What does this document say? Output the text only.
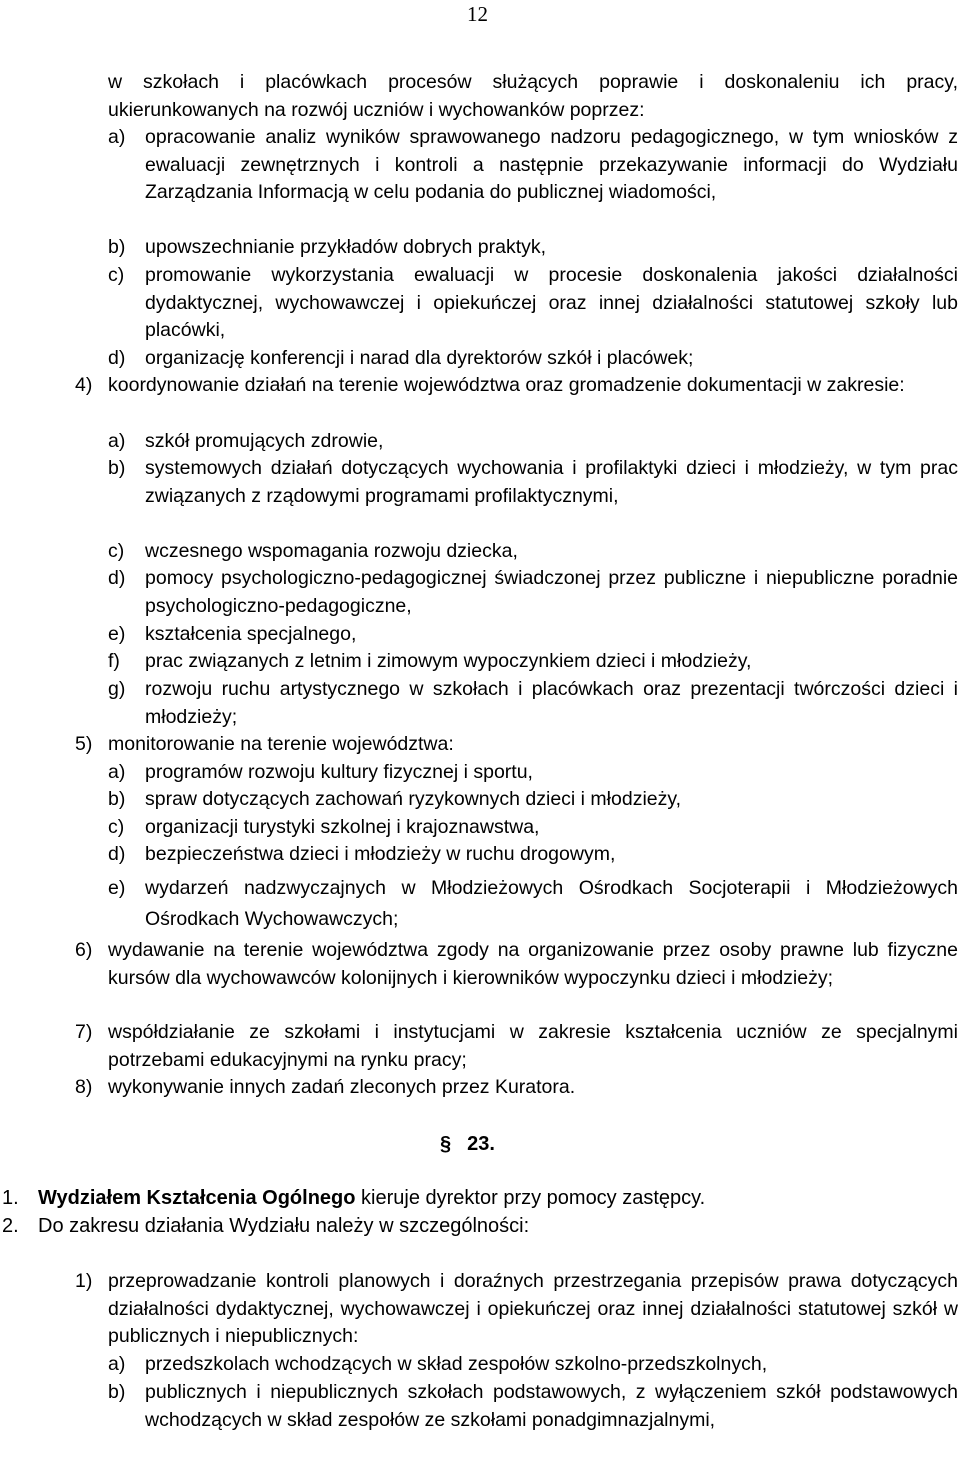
12
w szkołach i placówkach procesów służących poprawie i doskonaleniu ich pracy, ukierunkowanych na rozwój uczniów i wychowanków poprzez:
a) opracowanie analiz wyników sprawowanego nadzoru pedagogicznego, w tym wniosków z ewaluacji zewnętrznych i kontroli a następnie przekazywanie informacji do Wydziału Zarządzania Informacją w celu podania do publicznej wiadomości,
b) upowszechnianie przykładów dobrych praktyk,
c) promowanie wykorzystania ewaluacji w procesie doskonalenia jakości działalności dydaktycznej, wychowawczej i opiekuńczej oraz innej działalności statutowej szkoły lub placówki,
d) organizację konferencji i narad dla dyrektorów szkół i placówek;
4) koordynowanie działań na terenie województwa oraz gromadzenie dokumentacji w zakresie:
a) szkół promujących zdrowie,
b) systemowych działań dotyczących wychowania i profilaktyki dzieci i młodzieży, w tym prac związanych z rządowymi programami profilaktycznymi,
c) wczesnego wspomagania rozwoju dziecka,
d) pomocy psychologiczno-pedagogicznej świadczonej przez publiczne i niepubliczne poradnie psychologiczno-pedagogiczne,
e) kształcenia specjalnego,
f) prac związanych z letnim i zimowym wypoczynkiem dzieci i młodzieży,
g) rozwoju ruchu artystycznego w szkołach i placówkach oraz prezentacji twórczości dzieci i młodzieży;
5) monitorowanie na terenie województwa:
a) programów rozwoju kultury fizycznej i sportu,
b) spraw dotyczących zachowań ryzykownych dzieci i młodzieży,
c) organizacji turystyki szkolnej i krajoznawstwa,
d) bezpieczeństwa dzieci i młodzieży w ruchu drogowym,
e) wydarzeń nadzwyczajnych w Młodzieżowych Ośrodkach Socjoterapii i Młodzieżowych Ośrodkach Wychowawczych;
6) wydawanie na terenie województwa zgody na organizowanie przez osoby prawne lub fizyczne kursów dla wychowawców kolonijnych i kierowników wypoczynku dzieci i młodzieży;
7) współdziałanie ze szkołami i instytucjami w zakresie kształcenia uczniów ze specjalnymi potrzebami edukacyjnymi na rynku pracy;
8) wykonywanie innych zadań zleconych przez Kuratora.
§ 23.
1. Wydziałem Kształcenia Ogólnego kieruje dyrektor przy pomocy zastępcy.
2. Do zakresu działania Wydziału należy w szczególności:
1) przeprowadzanie kontroli planowych i doraźnych przestrzegania przepisów prawa dotyczących działalności dydaktycznej, wychowawczej i opiekuńczej oraz innej działalności statutowej szkół w publicznych i niepublicznych:
a) przedszkolach wchodzących w skład zespołów szkolno-przedszkolnych,
b) publicznych i niepublicznych szkołach podstawowych, z wyłączeniem szkół podstawowych wchodzących w skład zespołów ze szkołami ponadgimnazjalnymi,
